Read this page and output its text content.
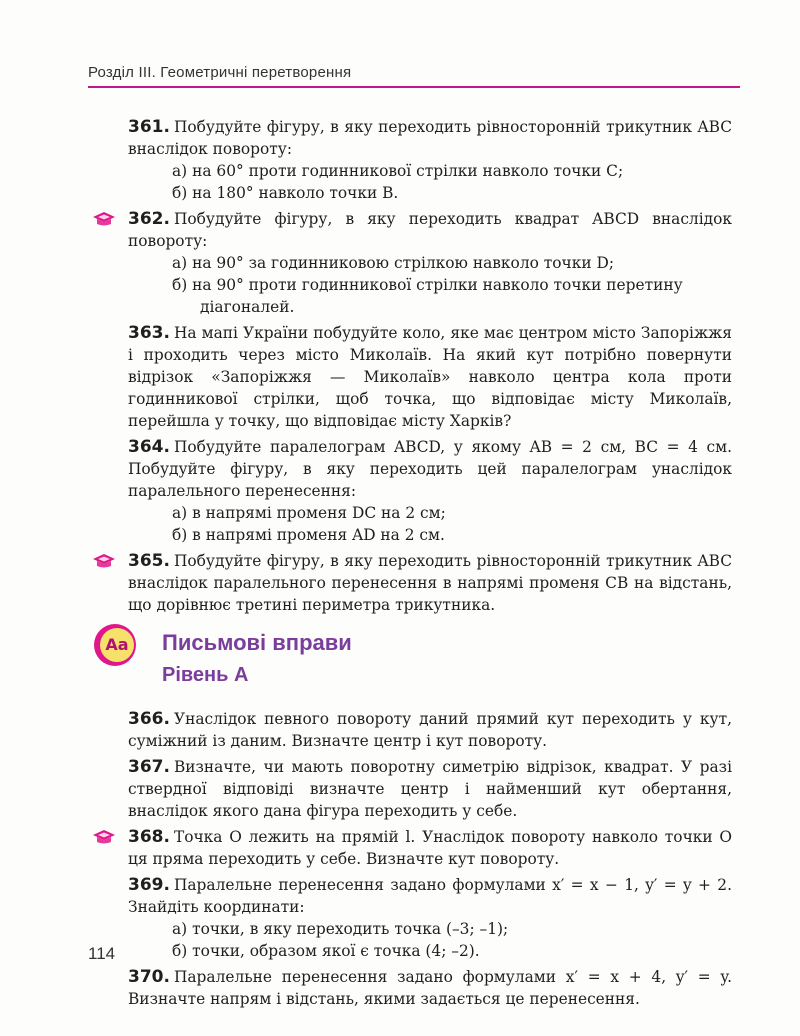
Розділ III. Геометричні перетворення
361. Побудуйте фігуру, в яку переходить рівносторонній трикутник ABC внаслідок повороту:
а) на 60° проти годинникової стрілки навколо точки C;
б) на 180° навколо точки B.
362. Побудуйте фігуру, в яку переходить квадрат ABCD внаслідок повороту:
а) на 90° за годинниковою стрілкою навколо точки D;
б) на 90° проти годинникової стрілки навколо точки перетину
діагоналей.
363. На мапі України побудуйте коло, яке має центром місто Запоріжжя і проходить через місто Миколаїв. На який кут потрібно повернути відрізок «Запоріжжя — Миколаїв» навколо центра кола проти годинникової стрілки, щоб точка, що відповідає місту Миколаїв, перейшла у точку, що відповідає місту Харків?
364. Побудуйте паралелограм ABCD, у якому AB = 2 см, BC = 4 см. Побудуйте фігуру, в яку переходить цей паралелограм унаслідок паралельного перенесення:
а) в напрямі променя DC на 2 см;
б) в напрямі променя AD на 2 см.
365. Побудуйте фігуру, в яку переходить рівносторонній трикутник ABC внаслідок паралельного перенесення в напрямі променя CB на відстань, що дорівнює третині периметра трикутника.
Aa Письмові вправи
Рівень А
366. Унаслідок певного повороту даний прямий кут переходить у кут, суміжний із даним. Визначте центр і кут повороту.
367. Визначте, чи мають поворотну симетрію відрізок, квадрат. У разі ствердної відповіді визначте центр і найменший кут обертання, внаслідок якого дана фігура переходить у себе.
368. Точка O лежить на прямій l. Унаслідок повороту навколо точки O ця пряма переходить у себе. Визначте кут повороту.
369. Паралельне перенесення задано формулами x′ = x − 1, y′ = y + 2. Знайдіть координати:
а) точки, в яку переходить точка (–3; –1);
б) точки, образом якої є точка (4; –2).
370. Паралельне перенесення задано формулами x′ = x + 4, y′ = y. Визначте напрям і відстань, якими задається це перенесення.
114
